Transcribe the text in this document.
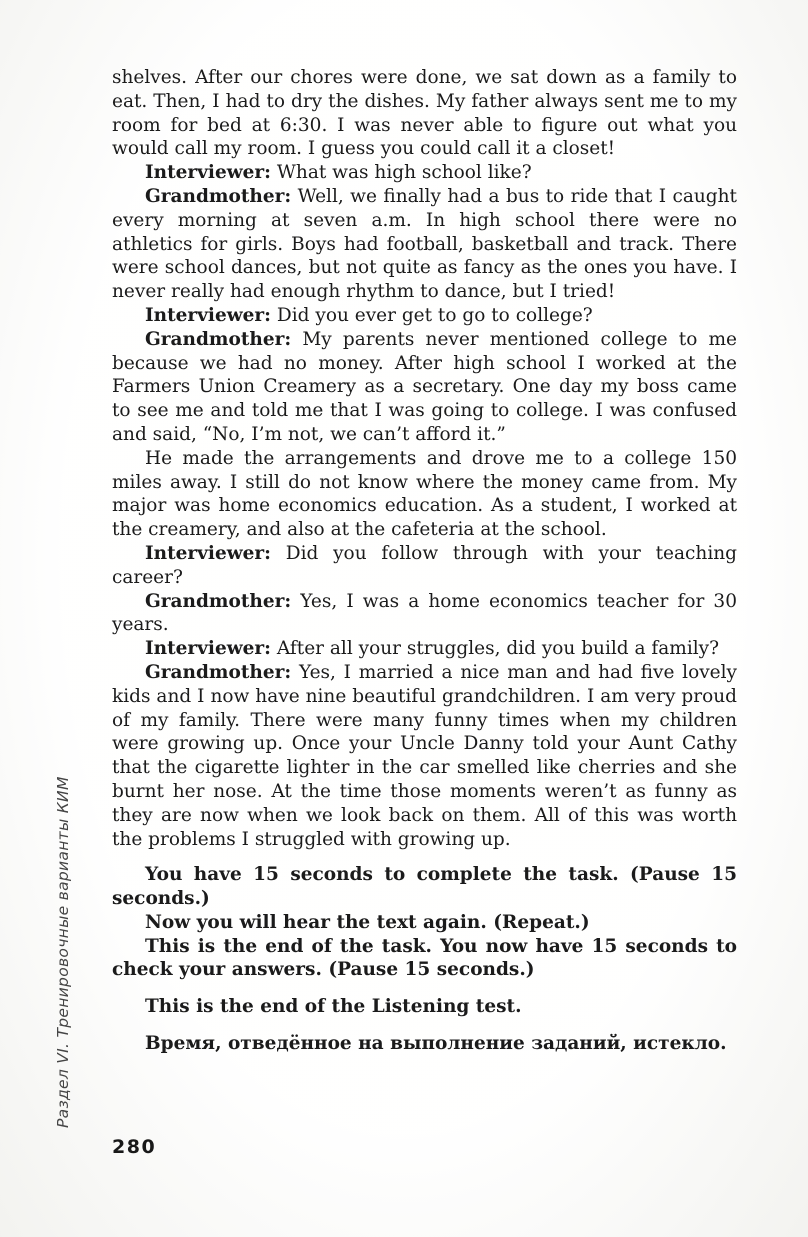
Раздел VI. Тренировочные варианты КИМ

shelves. After our chores were done, we sat down as a family to eat. Then, I had to dry the dishes. My father always sent me to my room for bed at 6:30. I was never able to figure out what you would call my room. I guess you could call it a closet!

Interviewer: What was high school like?

Grandmother: Well, we finally had a bus to ride that I caught every morning at seven a.m. In high school there were no athletics for girls. Boys had football, basketball and track. There were school dances, but not quite as fancy as the ones you have. I never really had enough rhythm to dance, but I tried!

Interviewer: Did you ever get to go to college?

Grandmother: My parents never mentioned college to me because we had no money. After high school I worked at the Farmers Union Creamery as a secretary. One day my boss came to see me and told me that I was going to college. I was confused and said, “No, I’m not, we can’t afford it.”

He made the arrangements and drove me to a college 150 miles away. I still do not know where the money came from. My major was home economics education. As a student, I worked at the creamery, and also at the cafeteria at the school.

Interviewer: Did you follow through with your teaching career?

Grandmother: Yes, I was a home economics teacher for 30 years.

Interviewer: After all your struggles, did you build a family?

Grandmother: Yes, I married a nice man and had five lovely kids and I now have nine beautiful grandchildren. I am very proud of my family. There were many funny times when my children were growing up. Once your Uncle Danny told your Aunt Cathy that the cigarette lighter in the car smelled like cherries and she burnt her nose. At the time those moments weren’t as funny as they are now when we look back on them. All of this was worth the problems I struggled with growing up.

You have 15 seconds to complete the task. (Pause 15 seconds.)

Now you will hear the text again. (Repeat.)

This is the end of the task. You now have 15 seconds to check your answers. (Pause 15 seconds.)

This is the end of the Listening test.

Время, отведённое на выполнение заданий, истекло.

280
